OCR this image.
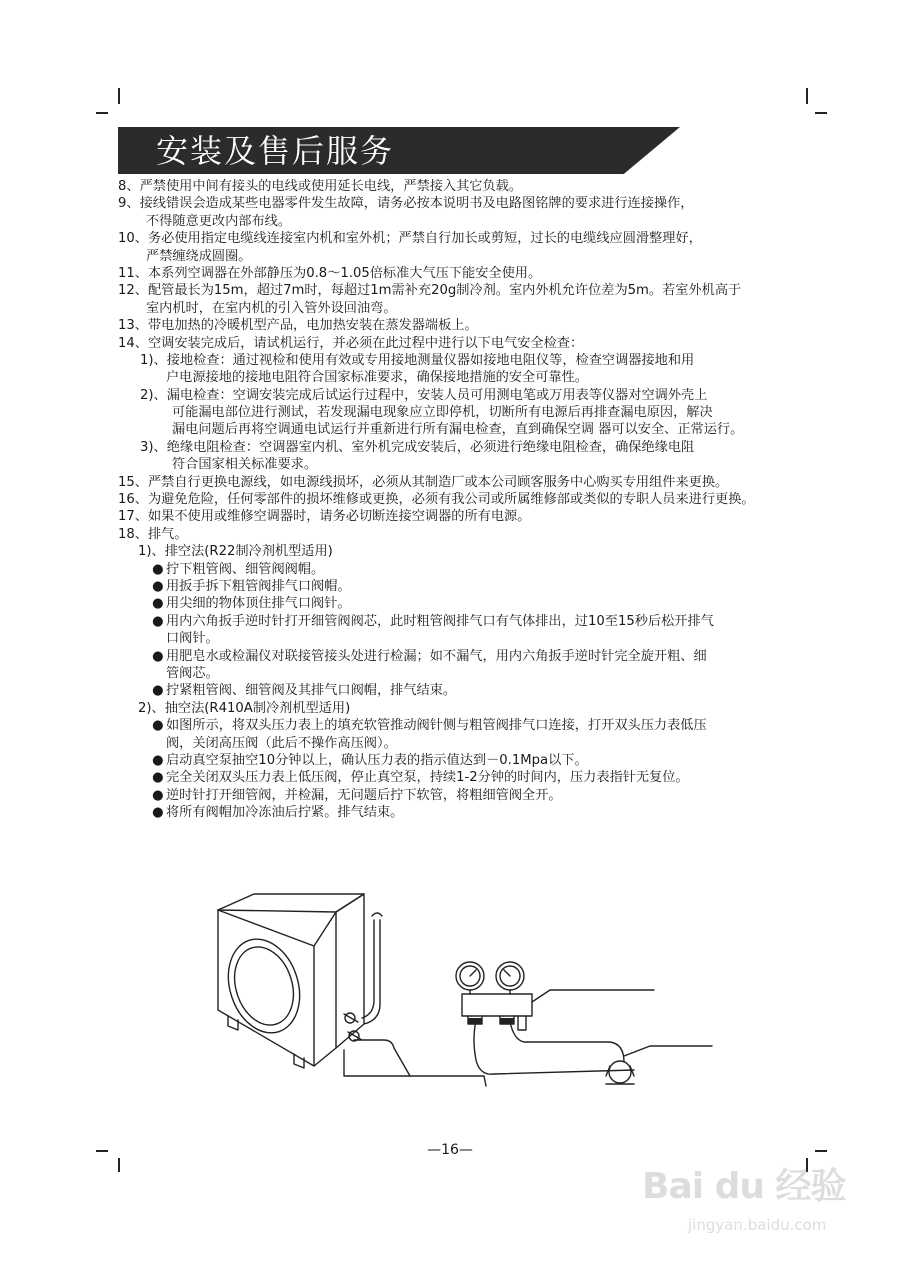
安装及售后服务
8、严禁使用中间有接头的电线或使用延长电线，严禁接入其它负载。
9、接线错误会造成某些电器零件发生故障，请务必按本说明书及电路图铭牌的要求进行连接操作，
不得随意更改内部布线。
10、务必使用指定电缆线连接室内机和室外机；严禁自行加长或剪短，过长的电缆线应圆滑整理好，
严禁缠绕成圆圈。
11、本系列空调器在外部静压为0.8～1.05倍标准大气压下能安全使用。
12、配管最长为15m，超过7m时，每超过1m需补充20g制冷剂。室内外机允许位差为5m。若室外机高于
室内机时，在室内机的引入管外设回油弯。
13、带电加热的冷暖机型产品，电加热安装在蒸发器端板上。
14、空调安装完成后，请试机运行，并必须在此过程中进行以下电气安全检查：
1)、接地检查：通过视检和使用有效或专用接地测量仪器如接地电阻仪等，检查空调器接地和用
户电源接地的接地电阻符合国家标准要求，确保接地措施的安全可靠性。
2)、漏电检查：空调安装完成后试运行过程中，安装人员可用测电笔或万用表等仪器对空调外壳上
可能漏电部位进行测试，若发现漏电现象应立即停机，切断所有电源后再排查漏电原因，解决
漏电问题后再将空调通电试运行并重新进行所有漏电检查，直到确保空调 器可以安全、正常运行。
3)、绝缘电阻检查：空调器室内机、室外机完成安装后，必须进行绝缘电阻检查，确保绝缘电阻
符合国家相关标准要求。
15、严禁自行更换电源线，如电源线损坏，必须从其制造厂或本公司顾客服务中心购买专用组件来更换。
16、为避免危险，任何零部件的损坏维修或更换，必须有我公司或所属维修部或类似的专职人员来进行更换。
17、如果不使用或维修空调器时，请务必切断连接空调器的所有电源。
18、排气。
1)、排空法(R22制冷剂机型适用)
● 拧下粗管阀、细管阀阀帽。
● 用扳手拆下粗管阀排气口阀帽。
● 用尖细的物体顶住排气口阀针。
● 用内六角扳手逆时针打开细管阀阀芯，此时粗管阀排气口有气体排出，过10至15秒后松开排气
口阀针。
● 用肥皂水或检漏仪对联接管接头处进行检漏；如不漏气，用内六角扳手逆时针完全旋开粗、细
管阀芯。
● 拧紧粗管阀、细管阀及其排气口阀帽，排气结束。
2)、抽空法(R410A制冷剂机型适用)
● 如图所示，将双头压力表上的填充软管推动阀针侧与粗管阀排气口连接，打开双头压力表低压
阀，关闭高压阀（此后不操作高压阀）。
● 启动真空泵抽空10分钟以上，确认压力表的指示值达到－0.1Mpa以下。
● 完全关闭双头压力表上低压阀，停止真空泵，持续1-2分钟的时间内，压力表指针无复位。
● 逆时针打开细管阀，并检漏，无问题后拧下软管，将粗细管阀全开。
● 将所有阀帽加冷冻油后拧紧。排气结束。
—16—
Bai du 经验
jingyan.baidu.com
